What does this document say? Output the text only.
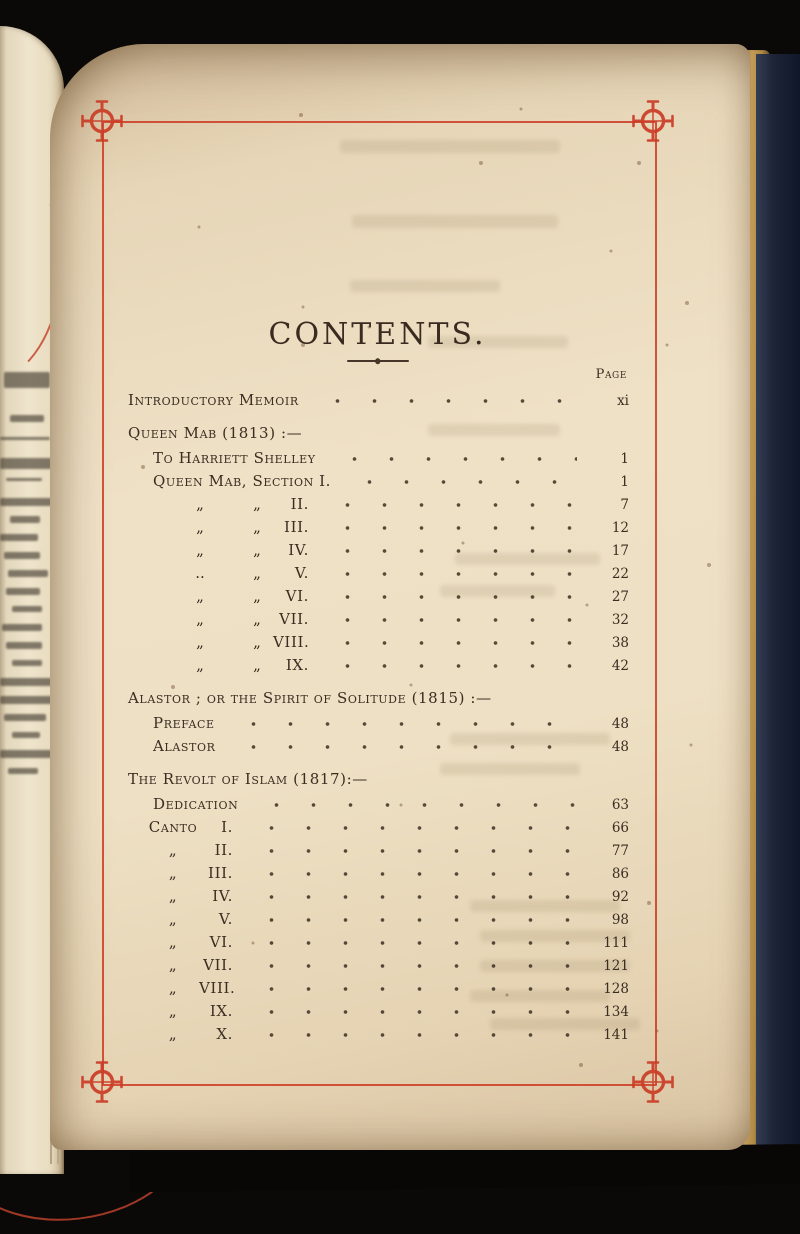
CONTENTS.
Page
Introductory Memoir	xi
Queen Mab (1813) :—
To Harriett Shelley	1
Queen Mab, Section I.	1
„	„	II.	7
„	„	III.	12
„	„	IV.	17
..	„	V.	22
„	„	VI.	27
„	„	VII.	32
„	„ VIII.	38
„	„	IX.	42
Alastor ; or the Spirit of Solitude (1815) :—
Preface	48
Alastor	48
The Revolt of Islam (1817):—
Dedication	63
Canto	I.	66
„	II.	77
„	III.	86
„	IV.	92
„	V.	98
„	VI.	111
„	VII.	121
„	VIII.	128
„	IX.	134
„	X.	141
